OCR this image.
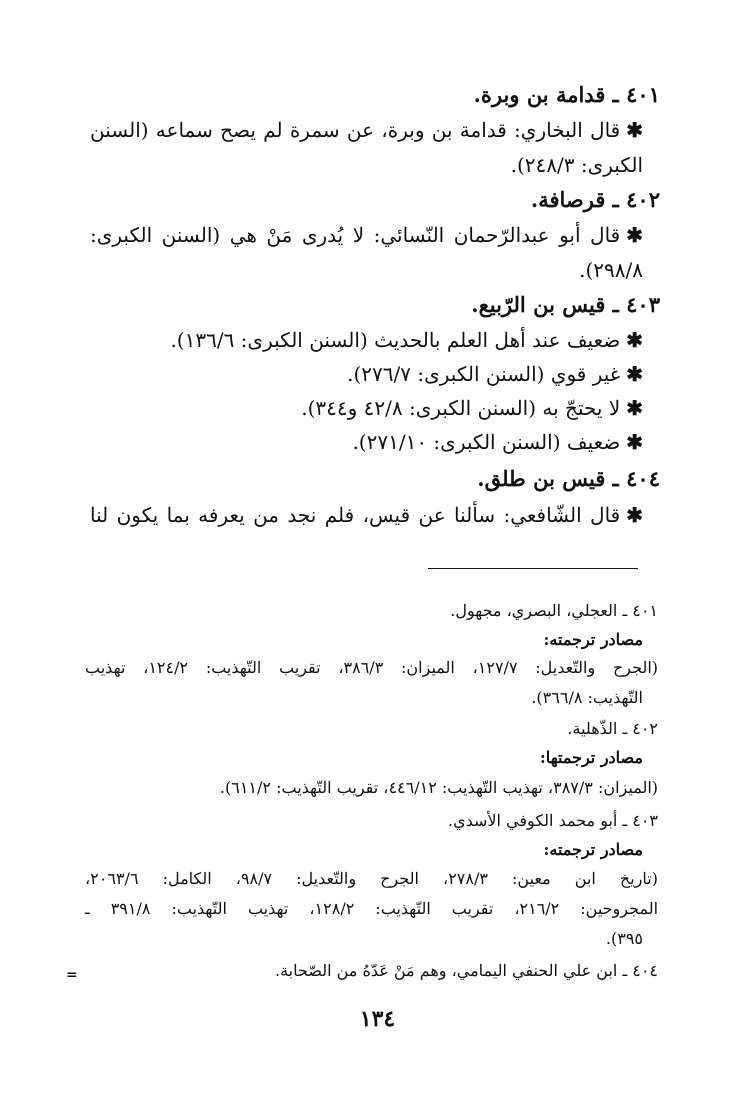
٤٠١ ـ قدامة بن وبرة.
✱قال البخاري: قدامة بن وبرة، عن سمرة لم يصح سماعه (السنن
الكبرى: ٢٤٨/٣).
٤٠٢ ـ قرصافة.
✱قال أبو عبدالرّحمان النّسائي: لا يُدرى مَنْ هي (السنن الكبرى:
٢٩٨/٨).
٤٠٣ ـ قيس بن الرّبيع.
✱ضعيف عند أهل العلم بالحديث (السنن الكبرى: ١٣٦/٦).
✱غير قوي (السنن الكبرى: ٢٧٦/٧).
✱لا يحتجّ به (السنن الكبرى: ٤٢/٨ و٣٤٤).
✱ضعيف (السنن الكبرى: ٢٧١/١٠).
٤٠٤ ـ قيس بن طلق.
✱قال الشّافعي: سألنا عن قيس، فلم نجد من يعرفه بما يكون لنا
٤٠١ ـ العجلي، البصري، مجهول.
مصادر ترجمته:
(الجرح والتّعديل: ١٢٧/٧، الميزان: ٣٨٦/٣، تقريب التّهذيب: ١٢٤/٢، تهذيب
التّهذيب: ٣٦٦/٨).
٤٠٢ ـ الذّهلية.
مصادر ترجمتها:
(الميزان: ٣٨٧/٣، تهذيب التّهذيب: ٤٤٦/١٢، تقريب التّهذيب: ٦١١/٢).
٤٠٣ ـ أبو محمد الكوفي الأسدي.
مصادر ترجمته:
(تاريخ ابن معين: ٢٧٨/٣، الجرح والتّعديل: ٩٨/٧، الكامل: ٢٠٦٣/٦،
المجروحين: ٢١٦/٢، تقريب التّهذيب: ١٢٨/٢، تهذيب التّهذيب: ٣٩١/٨ ـ
٣٩٥).
٤٠٤ ـ ابن علي الحنفي اليمامي، وهم مَنْ عَدّهُ من الصّحابة.
=
١٣٤
